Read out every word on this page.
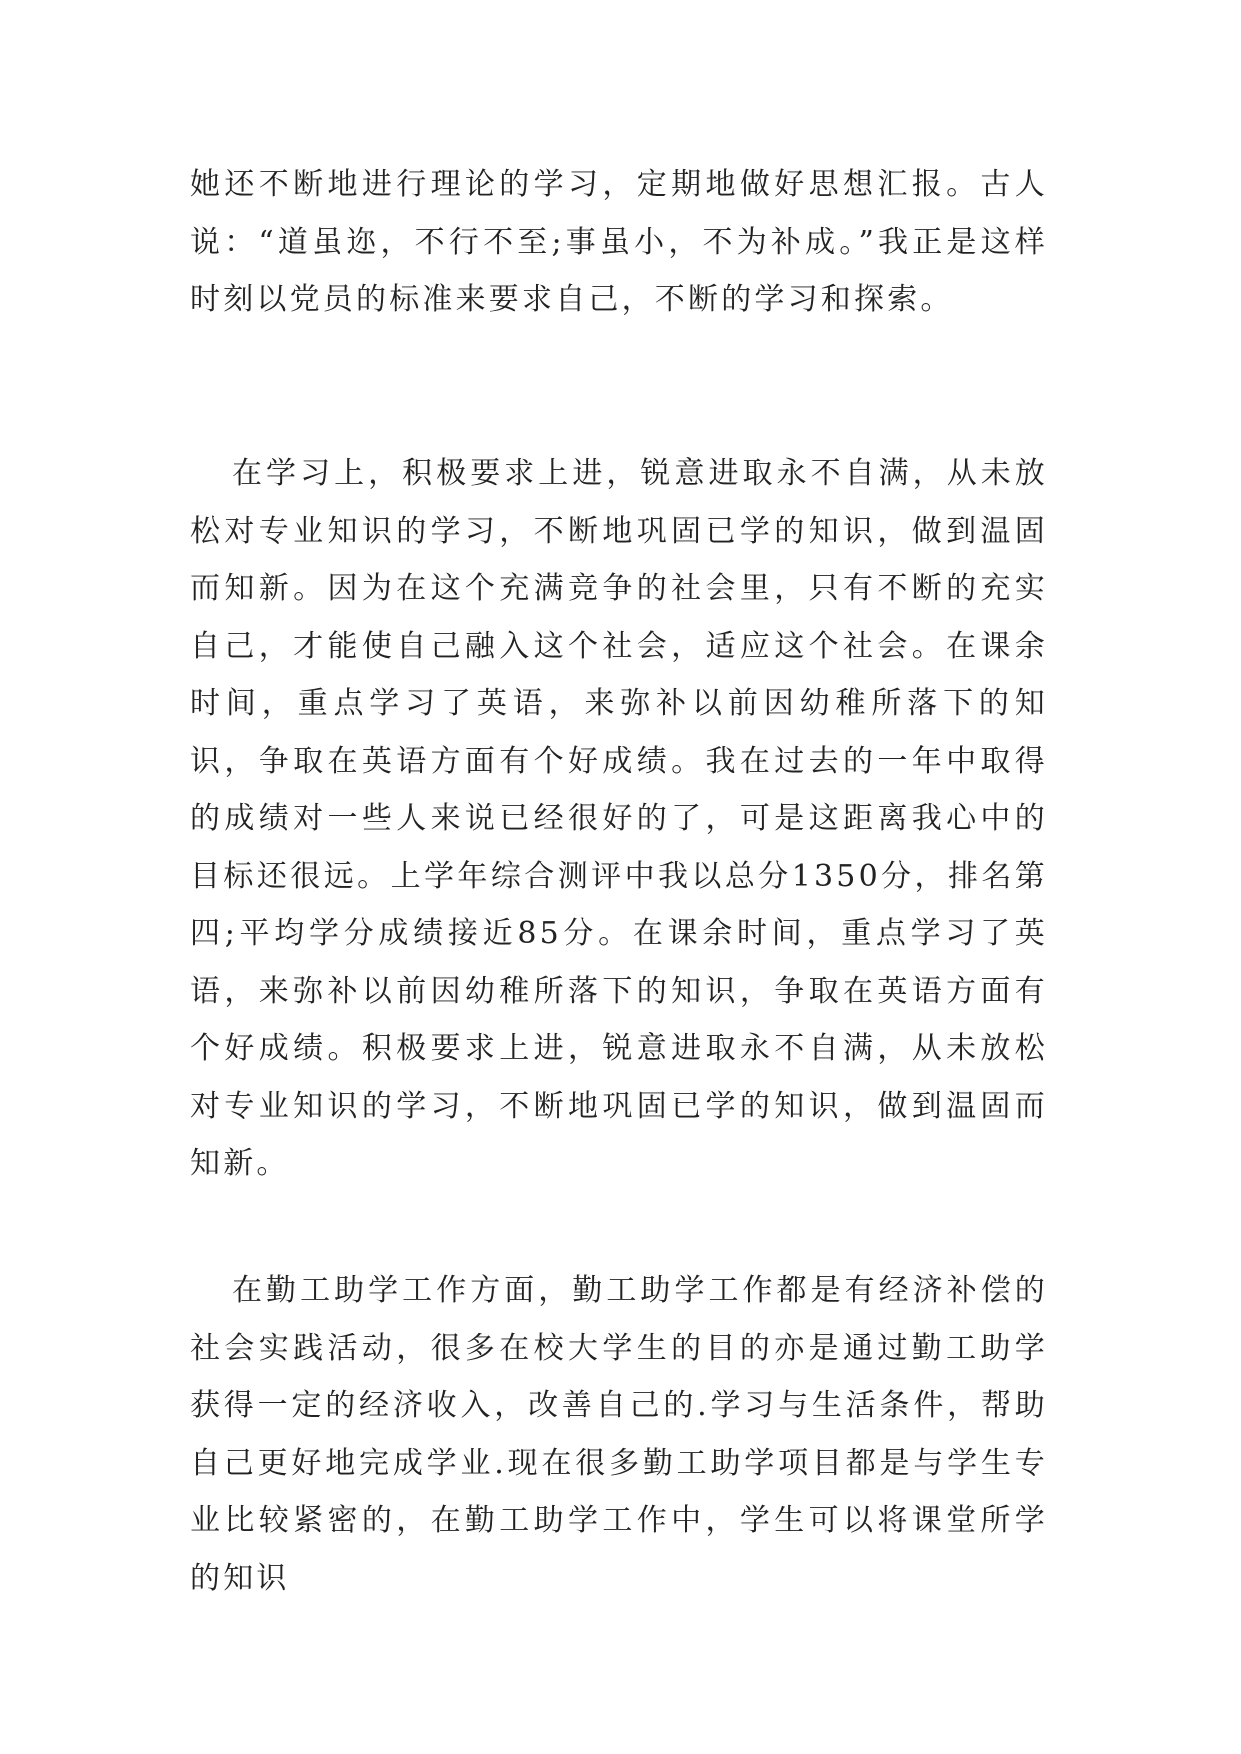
她还不断地进行理论的学习，定期地做好思想汇报。古人说：“道虽迩，不行不至;事虽小，不为补成。”我正是这样时刻以党员的标准来要求自己，不断的学习和探索。

在学习上，积极要求上进，锐意进取永不自满，从未放松对专业知识的学习，不断地巩固已学的知识，做到温固而知新。因为在这个充满竞争的社会里，只有不断的充实自己，才能使自己融入这个社会，适应这个社会。在课余时间，重点学习了英语，来弥补以前因幼稚所落下的知识，争取在英语方面有个好成绩。我在过去的一年中取得的成绩对一些人来说已经很好的了，可是这距离我心中的目标还很远。上学年综合测评中我以总分1350分，排名第四;平均学分成绩接近85分。在课余时间，重点学习了英语，来弥补以前因幼稚所落下的知识，争取在英语方面有个好成绩。积极要求上进，锐意进取永不自满，从未放松对专业知识的学习，不断地巩固已学的知识，做到温固而知新。

在勤工助学工作方面，勤工助学工作都是有经济补偿的社会实践活动，很多在校大学生的目的亦是通过勤工助学获得一定的经济收入，改善自己的.学习与生活条件，帮助自己更好地完成学业.现在很多勤工助学项目都是与学生专业比较紧密的，在勤工助学工作中，学生可以将课堂所学的知识
